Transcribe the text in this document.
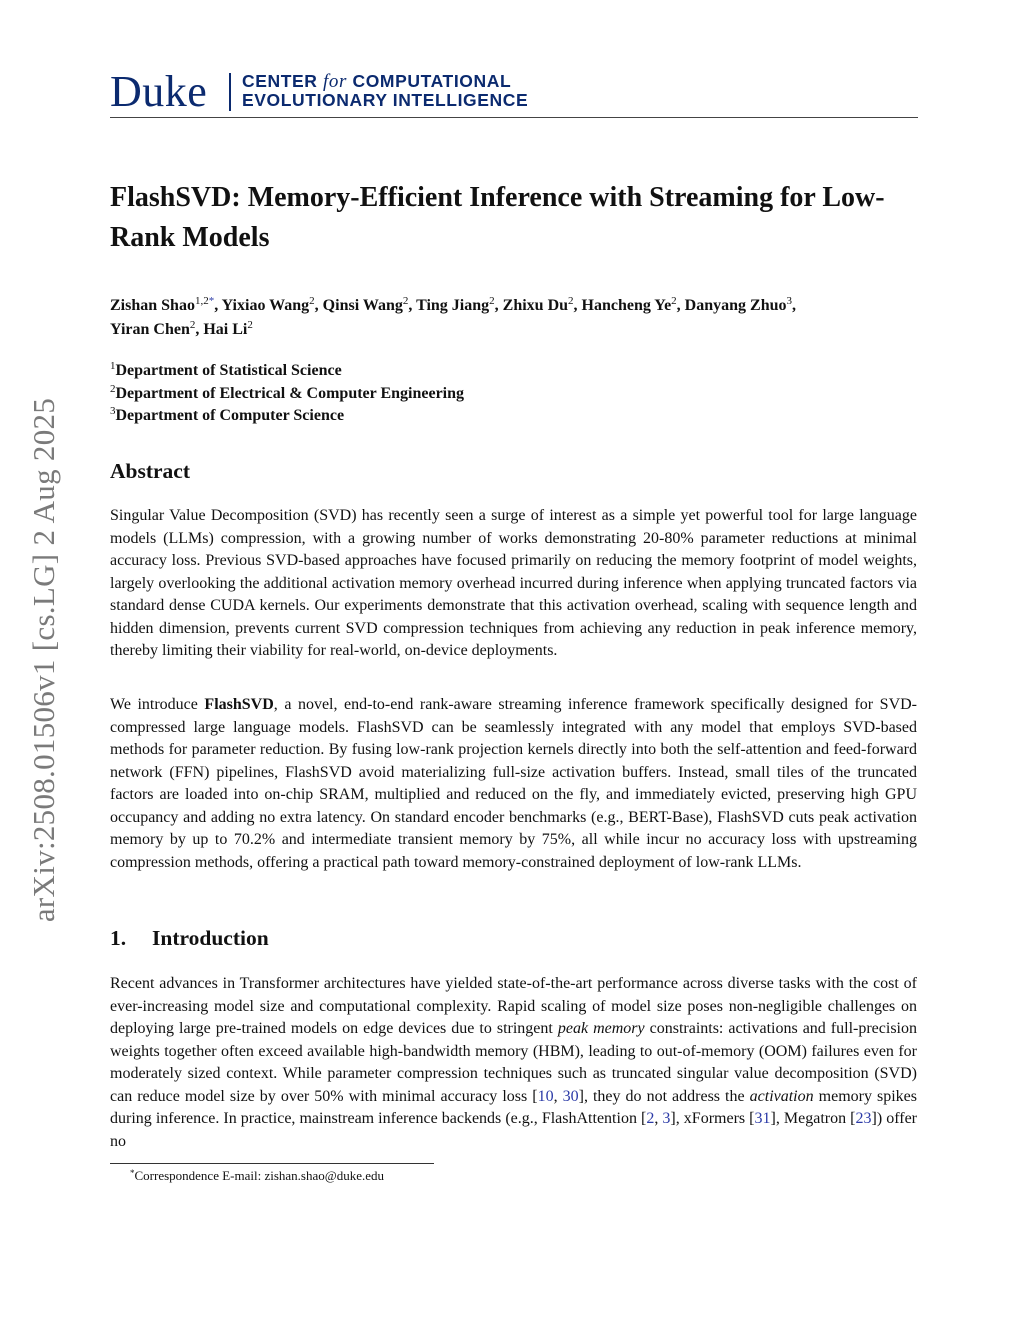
Duke CENTER for COMPUTATIONAL
EVOLUTIONARY INTELLIGENCE
arXiv:2508.01506v1 [cs.LG] 2 Aug 2025
FlashSVD: Memory-Efficient Inference with Streaming for Low-Rank Models
Zishan Shao$^{1,2*}$, Yixiao Wang$^2$, Qinsi Wang$^2$, Ting Jiang$^2$, Zhixu Du$^2$, Hancheng Ye$^2$, Danyang Zhuo$^3$,
Yiran Chen$^2$, Hai Li$^2$
$^1$Department of Statistical Science
$^2$Department of Electrical & Computer Engineering
$^3$Department of Computer Science
Abstract

Singular Value Decomposition (SVD) has recently seen a surge of interest as a simple yet powerful tool for large language models (LLMs) compression, with a growing number of works demonstrating 20-80% parameter reductions at minimal accuracy loss. Previous SVD-based approaches have focused primarily on reducing the memory footprint of model weights, largely overlooking the additional activation memory overhead incurred during inference when applying truncated factors via standard dense CUDA kernels. Our experiments demonstrate that this activation overhead, scaling with sequence length and hidden dimension, prevents current SVD compression techniques from achieving any reduction in peak inference memory, thereby limiting their viability for real-world, on-device deployments.

We introduce FlashSVD, a novel, end-to-end rank-aware streaming inference framework specifically designed for SVD-compressed large language models. FlashSVD can be seamlessly integrated with any model that employs SVD-based methods for parameter reduction. By fusing low-rank projection kernels directly into both the self-attention and feed-forward network (FFN) pipelines, FlashSVD avoid materializing full-size activation buffers. Instead, small tiles of the truncated factors are loaded into on-chip SRAM, multiplied and reduced on the fly, and immediately evicted, preserving high GPU occupancy and adding no extra latency. On standard encoder benchmarks (e.g., BERT-Base), FlashSVD cuts peak activation memory by up to 70.2% and intermediate transient memory by 75%, all while incur no accuracy loss with upstreaming compression methods, offering a practical path toward memory-constrained deployment of low-rank LLMs.

1. Introduction

Recent advances in Transformer architectures have yielded state-of-the-art performance across diverse tasks with the cost of ever-increasing model size and computational complexity. Rapid scaling of model size poses non-negligible challenges on deploying large pre-trained models on edge devices due to stringent peak memory constraints: activations and full-precision weights together often exceed available high-bandwidth memory (HBM), leading to out-of-memory (OOM) failures even for moderately sized context. While parameter compression techniques such as truncated singular value decomposition (SVD) can reduce model size by over 50% with minimal accuracy loss [10, 30], they do not address the activation memory spikes during inference. In practice, mainstream inference backends (e.g., FlashAttention [2, 3], xFormers [31], Megatron [23]) offer no

*Correspondence E-mail: zishan.shao@duke.edu
